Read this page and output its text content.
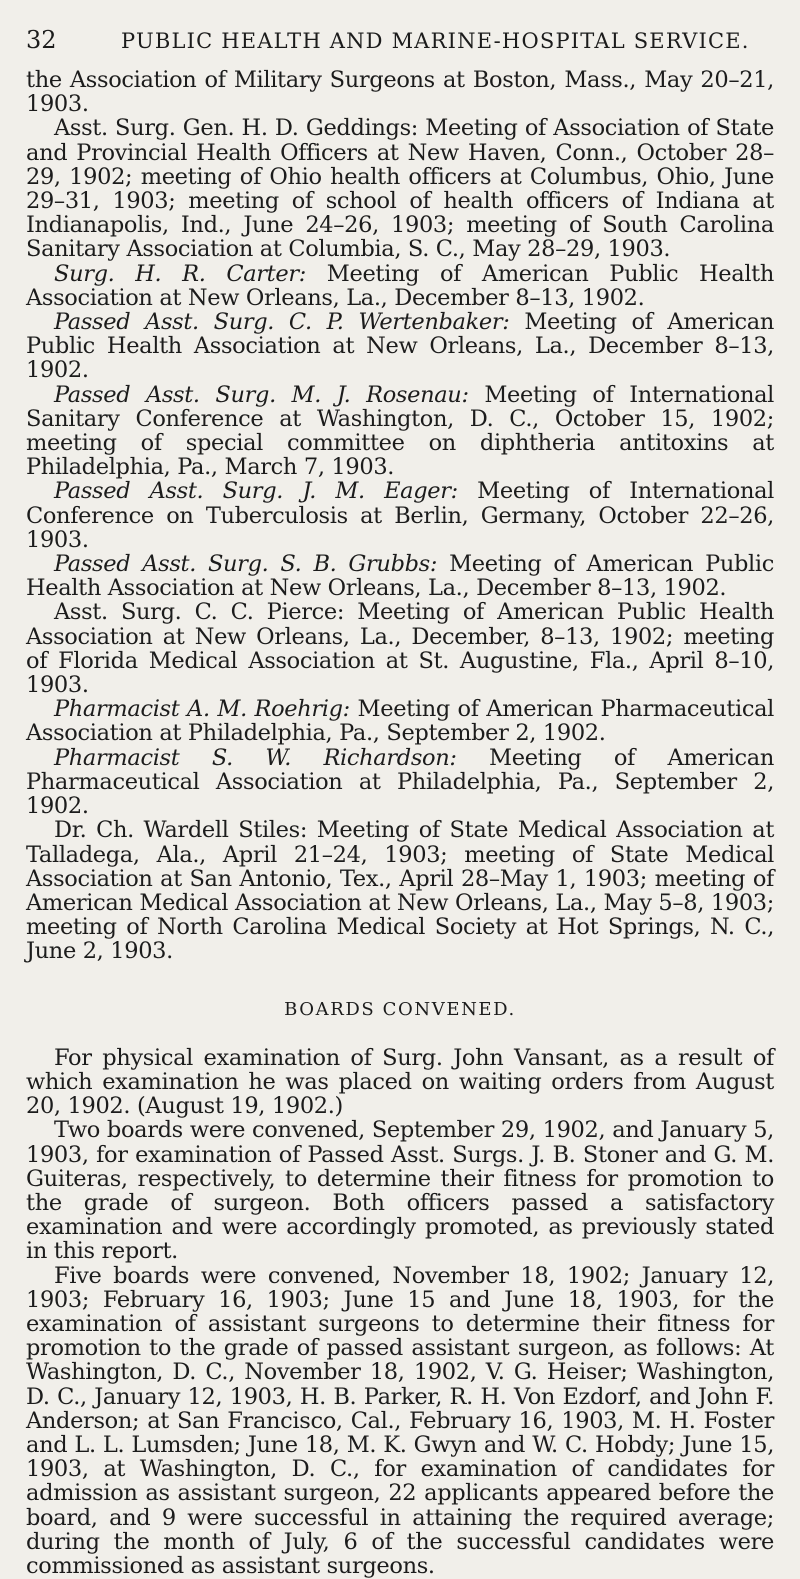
32	PUBLIC HEALTH AND MARINE-HOSPITAL SERVICE.

the Association of Military Surgeons at Boston, Mass., May 20–21, 1903.

Asst. Surg. Gen. H. D. Geddings: Meeting of Association of State and Provincial Health Officers at New Haven, Conn., October 28–29, 1902; meeting of Ohio health officers at Columbus, Ohio, June 29–31, 1903; meeting of school of health officers of Indiana at Indianapolis, Ind., June 24–26, 1903; meeting of South Carolina Sanitary Association at Columbia, S. C., May 28–29, 1903.

Surg. H. R. Carter: Meeting of American Public Health Association at New Orleans, La., December 8–13, 1902.

Passed Asst. Surg. C. P. Wertenbaker: Meeting of American Public Health Association at New Orleans, La., December 8–13, 1902.

Passed Asst. Surg. M. J. Rosenau: Meeting of International Sanitary Conference at Washington, D. C., October 15, 1902; meeting of special committee on diphtheria antitoxins at Philadelphia, Pa., March 7, 1903.

Passed Asst. Surg. J. M. Eager: Meeting of International Conference on Tuberculosis at Berlin, Germany, October 22–26, 1903.

Passed Asst. Surg. S. B. Grubbs: Meeting of American Public Health Association at New Orleans, La., December 8–13, 1902.

Asst. Surg. C. C. Pierce: Meeting of American Public Health Association at New Orleans, La., December, 8–13, 1902; meeting of Florida Medical Association at St. Augustine, Fla., April 8–10, 1903.

Pharmacist A. M. Roehrig: Meeting of American Pharmaceutical Association at Philadelphia, Pa., September 2, 1902.

Pharmacist S. W. Richardson: Meeting of American Pharmaceutical Association at Philadelphia, Pa., September 2, 1902.

Dr. Ch. Wardell Stiles: Meeting of State Medical Association at Talladega, Ala., April 21–24, 1903; meeting of State Medical Association at San Antonio, Tex., April 28–May 1, 1903; meeting of American Medical Association at New Orleans, La., May 5–8, 1903; meeting of North Carolina Medical Society at Hot Springs, N. C., June 2, 1903.

BOARDS CONVENED.

For physical examination of Surg. John Vansant, as a result of which examination he was placed on waiting orders from August 20, 1902. (August 19, 1902.)

Two boards were convened, September 29, 1902, and January 5, 1903, for examination of Passed Asst. Surgs. J. B. Stoner and G. M. Guiteras, respectively, to determine their fitness for promotion to the grade of surgeon. Both officers passed a satisfactory examination and were accordingly promoted, as previously stated in this report.

Five boards were convened, November 18, 1902; January 12, 1903; February 16, 1903; June 15 and June 18, 1903, for the examination of assistant surgeons to determine their fitness for promotion to the grade of passed assistant surgeon, as follows: At Washington, D. C., November 18, 1902, V. G. Heiser; Washington, D. C., January 12, 1903, H. B. Parker, R. H. Von Ezdorf, and John F. Anderson; at San Francisco, Cal., February 16, 1903, M. H. Foster and L. L. Lumsden; June 18, M. K. Gwyn and W. C. Hobdy; June 15, 1903, at Washington, D. C., for examination of candidates for admission as assistant surgeon, 22 applicants appeared before the board, and 9 were successful in attaining the required average; during the month of July, 6 of the successful candidates were commissioned as assistant surgeons.
